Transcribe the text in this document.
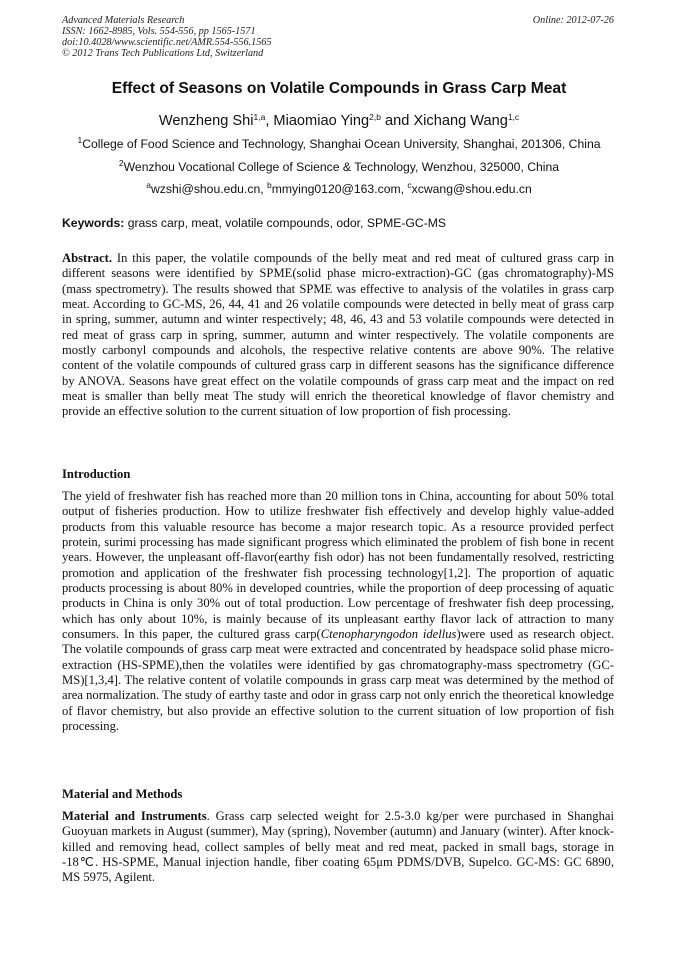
Advanced Materials Research
ISSN: 1662-8985, Vols. 554-556, pp 1565-1571
doi:10.4028/www.scientific.net/AMR.554-556.1565
© 2012 Trans Tech Publications Ltd, Switzerland
Online: 2012-07-26
Effect of Seasons on Volatile Compounds in Grass Carp Meat
Wenzheng Shi$^{1,a}$, Miaomiao Ying$^{2,b}$ and Xichang Wang$^{1,c}$
$^1$College of Food Science and Technology, Shanghai Ocean University, Shanghai, 201306, China
$^2$Wenzhou Vocational College of Science & Technology, Wenzhou, 325000, China
$^a$wzshi@shou.edu.cn, $^b$mmying0120@163.com, $^c$xcwang@shou.edu.cn
Keywords: grass carp, meat, volatile compounds, odor, SPME-GC-MS

Abstract. In this paper, the volatile compounds of the belly meat and red meat of cultured grass carp in different seasons were identified by SPME(solid phase micro-extraction)-GC (gas chromatography)-MS (mass spectrometry). The results showed that SPME was effective to analysis of the volatiles in grass carp meat. According to GC-MS, 26, 44, 41 and 26 volatile compounds were detected in belly meat of grass carp in spring, summer, autumn and winter respectively; 48, 46, 43 and 53 volatile compounds were detected in red meat of grass carp in spring, summer, autumn and winter respectively. The volatile components are mostly carbonyl compounds and alcohols, the respective relative contents are above 90%. The relative content of the volatile compounds of cultured grass carp in different seasons has the significance difference by ANOVA. Seasons have great effect on the volatile compounds of grass carp meat and the impact on red meat is smaller than belly meat The study will enrich the theoretical knowledge of flavor chemistry and provide an effective solution to the current situation of low proportion of fish processing.

Introduction

The yield of freshwater fish has reached more than 20 million tons in China, accounting for about 50% total output of fisheries production. How to utilize freshwater fish effectively and develop highly value-added products from this valuable resource has become a major research topic. As a resource provided perfect protein, surimi processing has made significant progress which eliminated the problem of fish bone in recent years. However, the unpleasant off-flavor(earthy fish odor) has not been fundamentally resolved, restricting promotion and application of the freshwater fish processing technology[1,2]. The proportion of aquatic products processing is about 80% in developed countries, while the proportion of deep processing of aquatic products in China is only 30% out of total production. Low percentage of freshwater fish deep processing, which has only about 10%, is mainly because of its unpleasant earthy flavor lack of attraction to many consumers. In this paper, the cultured grass carp(Ctenopharyngodon idellus)were used as research object. The volatile compounds of grass carp meat were extracted and concentrated by headspace solid phase micro-extraction (HS-SPME),then the volatiles were identified by gas chromatography-mass spectrometry (GC-MS)[1,3,4]. The relative content of volatile compounds in grass carp meat was determined by the method of area normalization. The study of earthy taste and odor in grass carp not only enrich the theoretical knowledge of flavor chemistry, but also provide an effective solution to the current situation of low proportion of fish processing.

Material and Methods

Material and Instruments. Grass carp selected weight for 2.5-3.0 kg/per were purchased in Shanghai Guoyuan markets in August (summer), May (spring), November (autumn) and January (winter). After knock-killed and removing head, collect samples of belly meat and red meat, packed in small bags, storage in -18℃. HS-SPME, Manual injection handle, fiber coating 65μm PDMS/DVB, Supelco. GC-MS: GC 6890, MS 5975, Agilent.
